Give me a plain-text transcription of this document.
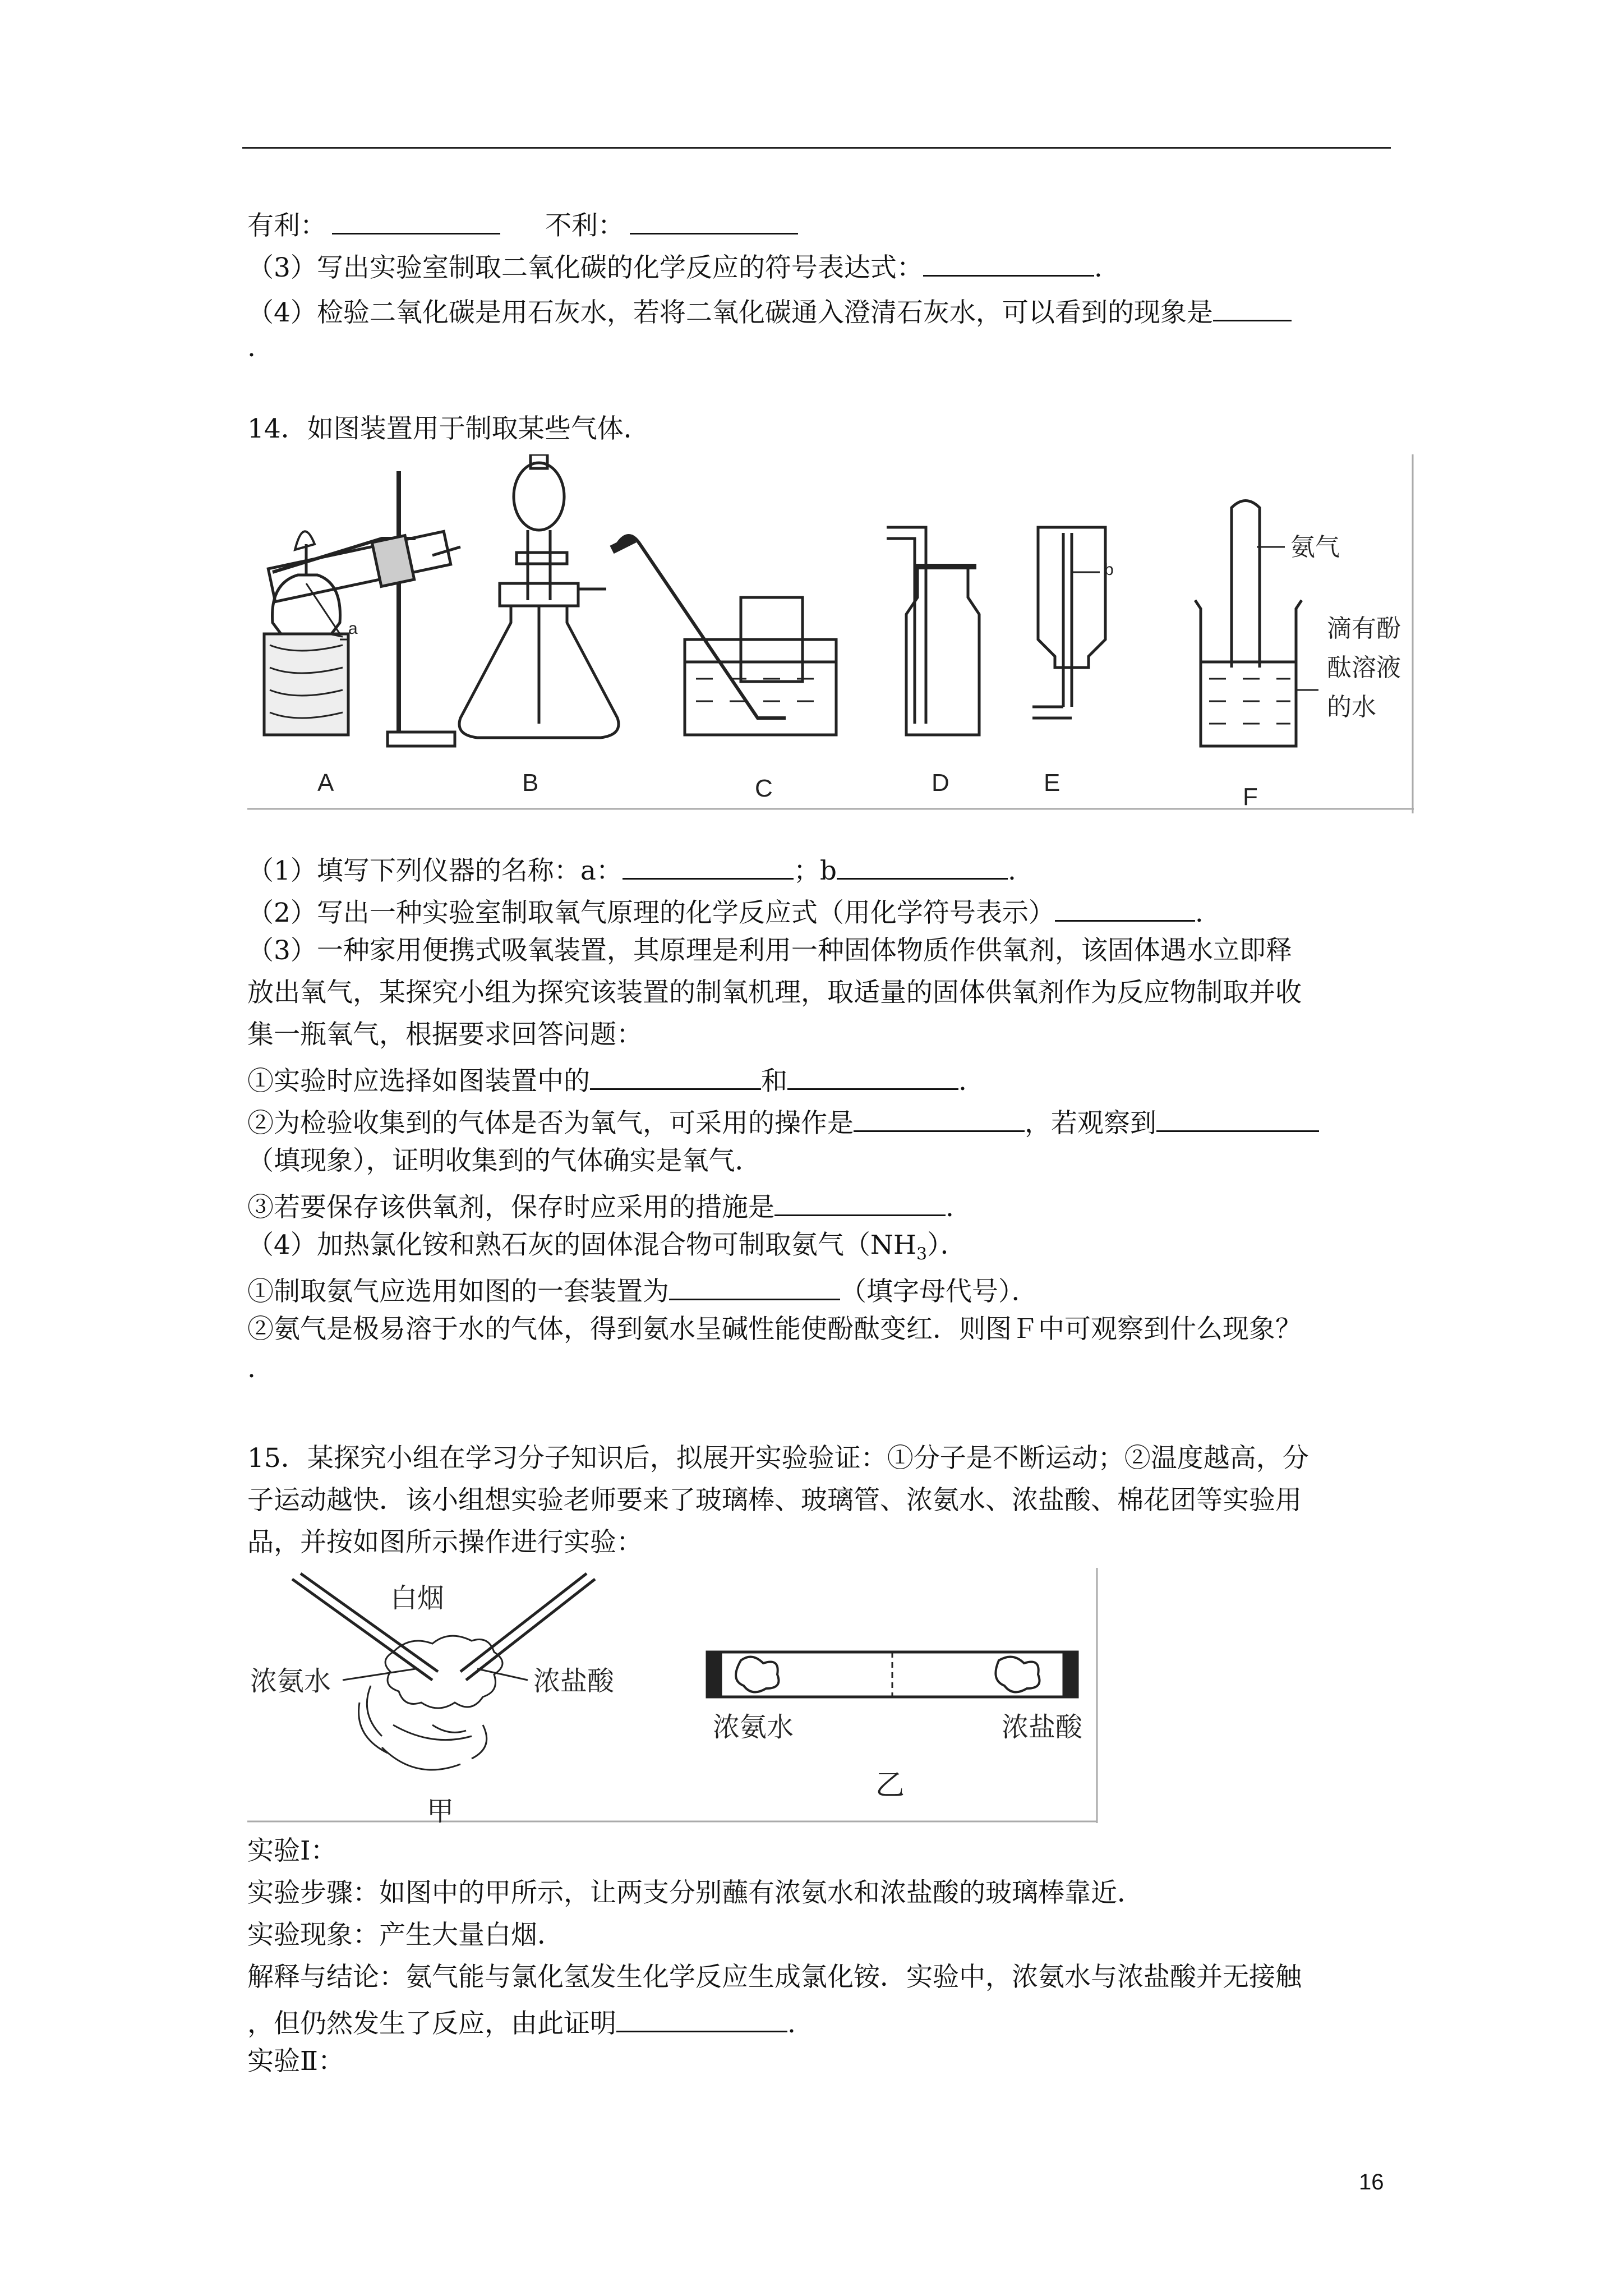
有利：	不利：
（3）写出实验室制取二氧化碳的化学反应的符号表达式：	.
（4）检验二氧化碳是用石灰水，若将二氧化碳通入澄清石灰水，可以看到的现象是
.
14．如图装置用于制取某些气体．
a
A	B	C	D
b
E
氨气
滴有酚
酞溶液
的水
F
（1）填写下列仪器的名称：a：	；b	.
（2）写出一种实验室制取氧气原理的化学反应式（用化学符号表示）	.
（3）一种家用便携式吸氧装置，其原理是利用一种固体物质作供氧剂，该固体遇水立即释
放出氧气，某探究小组为探究该装置的制氧机理，取适量的固体供氧剂作为反应物制取并收
集一瓶氧气，根据要求回答问题：
①实验时应选择如图装置中的	和	.
②为检验收集到的气体是否为氧气，可采用的操作是	，若观察到
（填现象），证明收集到的气体确实是氧气．
③若要保存该供氧剂，保存时应采用的措施是	.
（4）加热氯化铵和熟石灰的固体混合物可制取氨气$(NH_3)$．
①制取氨气应选用如图的一套装置为	（填字母代号）．
②氨气是极易溶于水的气体，得到氨水呈碱性能使酚酞变红．则图Ｆ中可观察到什么现象？
.
15．某探究小组在学习分子知识后，拟展开实验验证：①分子是不断运动；②温度越高，分
子运动越快．该小组想实验老师要来了玻璃棒、玻璃管、浓氨水、浓盐酸、棉花团等实验用
品，并按如图所示操作进行实验：
白烟
浓氨水	浓盐酸
甲
浓氨水	浓盐酸
乙
实验Ⅰ：
实验步骤：如图中的甲所示，让两支分别蘸有浓氨水和浓盐酸的玻璃棒靠近．
实验现象：产生大量白烟．
解释与结论：氨气能与氯化氢发生化学反应生成氯化铵．实验中，浓氨水与浓盐酸并无接触
，但仍然发生了反应，由此证明	.
实验Ⅱ：
16
